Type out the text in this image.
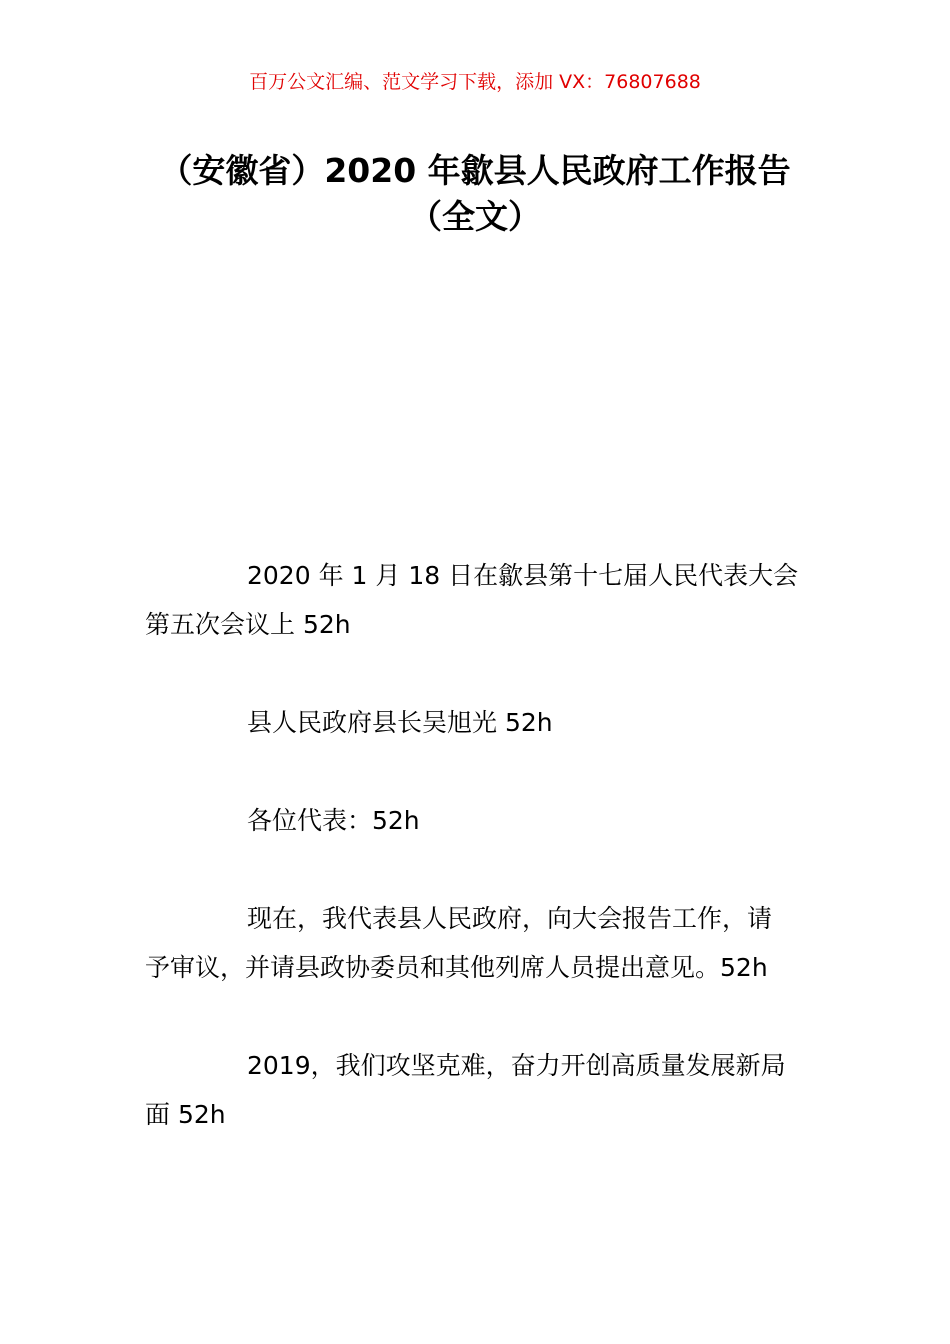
百万公文汇编、范文学习下载，添加 VX：76807688
（安徽省）2020 年歙县人民政府工作报告
（全文）

2020 年 1 月 18 日在歙县第十七届人民代表大会
第五次会议上 52h

县人民政府县长吴旭光 52h

各位代表：52h

现在，我代表县人民政府，向大会报告工作，请
予审议，并请县政协委员和其他列席人员提出意见。52h

2019，我们攻坚克难，奋力开创高质量发展新局
面 52h
